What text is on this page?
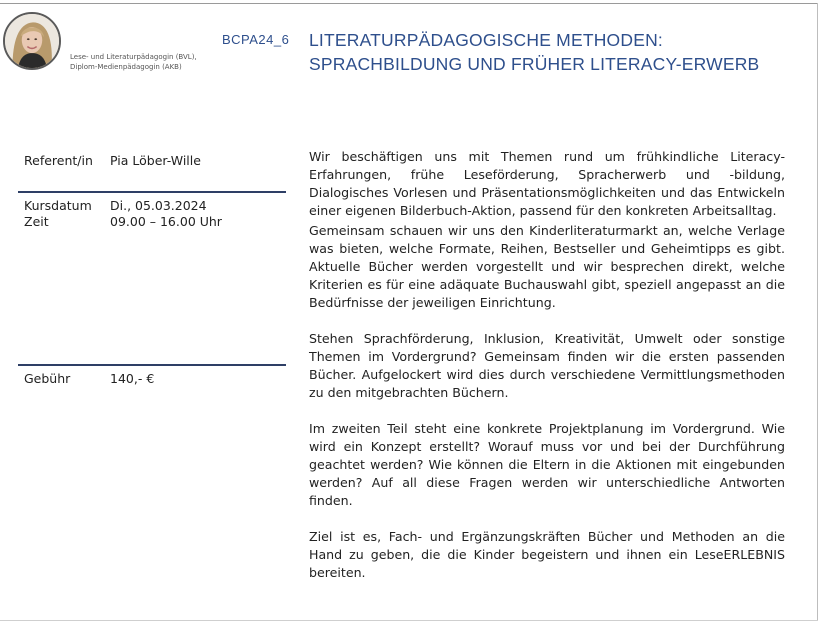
Lese- und Literaturpädagogin (BVL),
Diplom-Medienpädagogin (AKB)
BCPA24_6 LITERATURPÄDAGOGISCHE METHODEN:
SPRACHBILDUNG UND FRÜHER LITERACY-ERWERB
Referent/in	Pia Löber-Wille
Kursdatum	Di., 05.03.2024
Zeit	09.00 – 16.00 Uhr
Gebühr	140,- €

Wir beschäftigen uns mit Themen rund um frühkindliche Literacy-Erfahrungen, frühe Leseförderung, Spracherwerb und -bildung, Dialogisches Vorlesen und Präsentationsmöglichkeiten und das Entwickeln einer eigenen Bilderbuch-Aktion, passend für den konkreten Arbeitsalltag.

Gemeinsam schauen wir uns den Kinderliteraturmarkt an, welche Verlage was bieten, welche Formate, Reihen, Bestseller und Geheimtipps es gibt. Aktuelle Bücher werden vorgestellt und wir besprechen direkt, welche Kriterien es für eine adäquate Buchauswahl gibt, speziell angepasst an die Bedürfnisse der jeweiligen Einrichtung.

Stehen Sprachförderung, Inklusion, Kreativität, Umwelt oder sonstige Themen im Vordergrund? Gemeinsam finden wir die ersten passenden Bücher. Aufgelockert wird dies durch verschiedene Vermittlungsmethoden zu den mitgebrachten Büchern.

Im zweiten Teil steht eine konkrete Projektplanung im Vordergrund. Wie wird ein Konzept erstellt? Worauf muss vor und bei der Durchführung geachtet werden? Wie können die Eltern in die Aktionen mit eingebunden werden? Auf all diese Fragen werden wir unterschiedliche Antworten finden.

Ziel ist es, Fach- und Ergänzungskräften Bücher und Methoden an die Hand zu geben, die die Kinder begeistern und ihnen ein LeseERLEBNIS bereiten.
